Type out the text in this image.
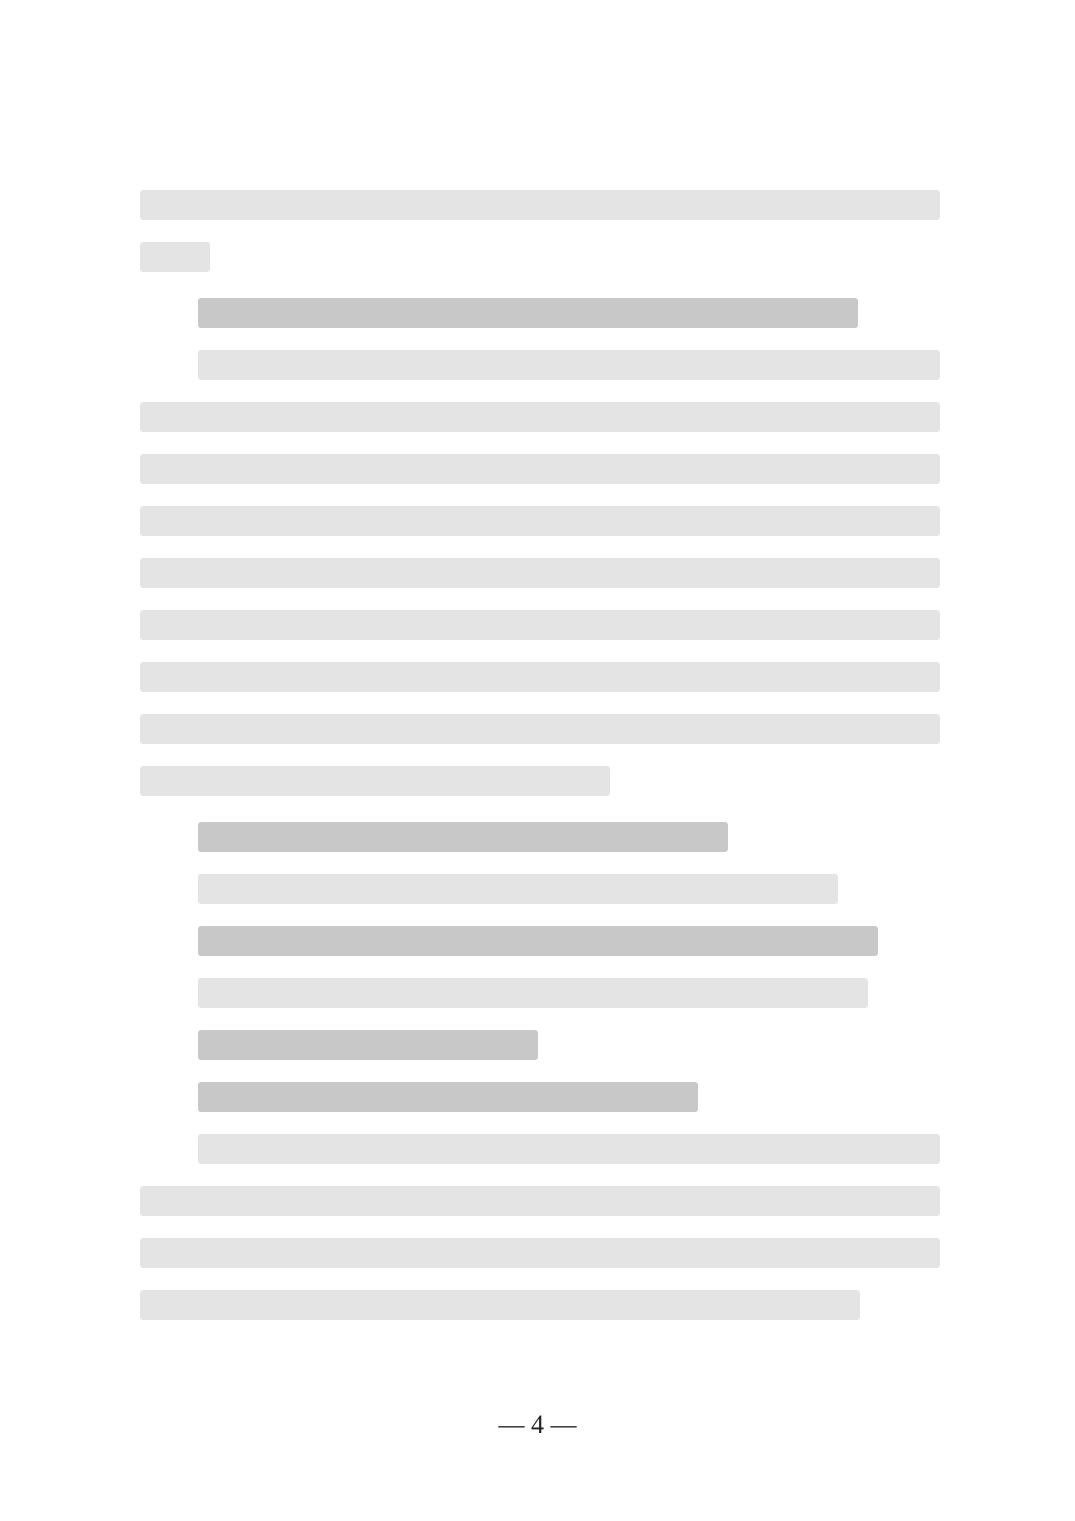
— 4 —
